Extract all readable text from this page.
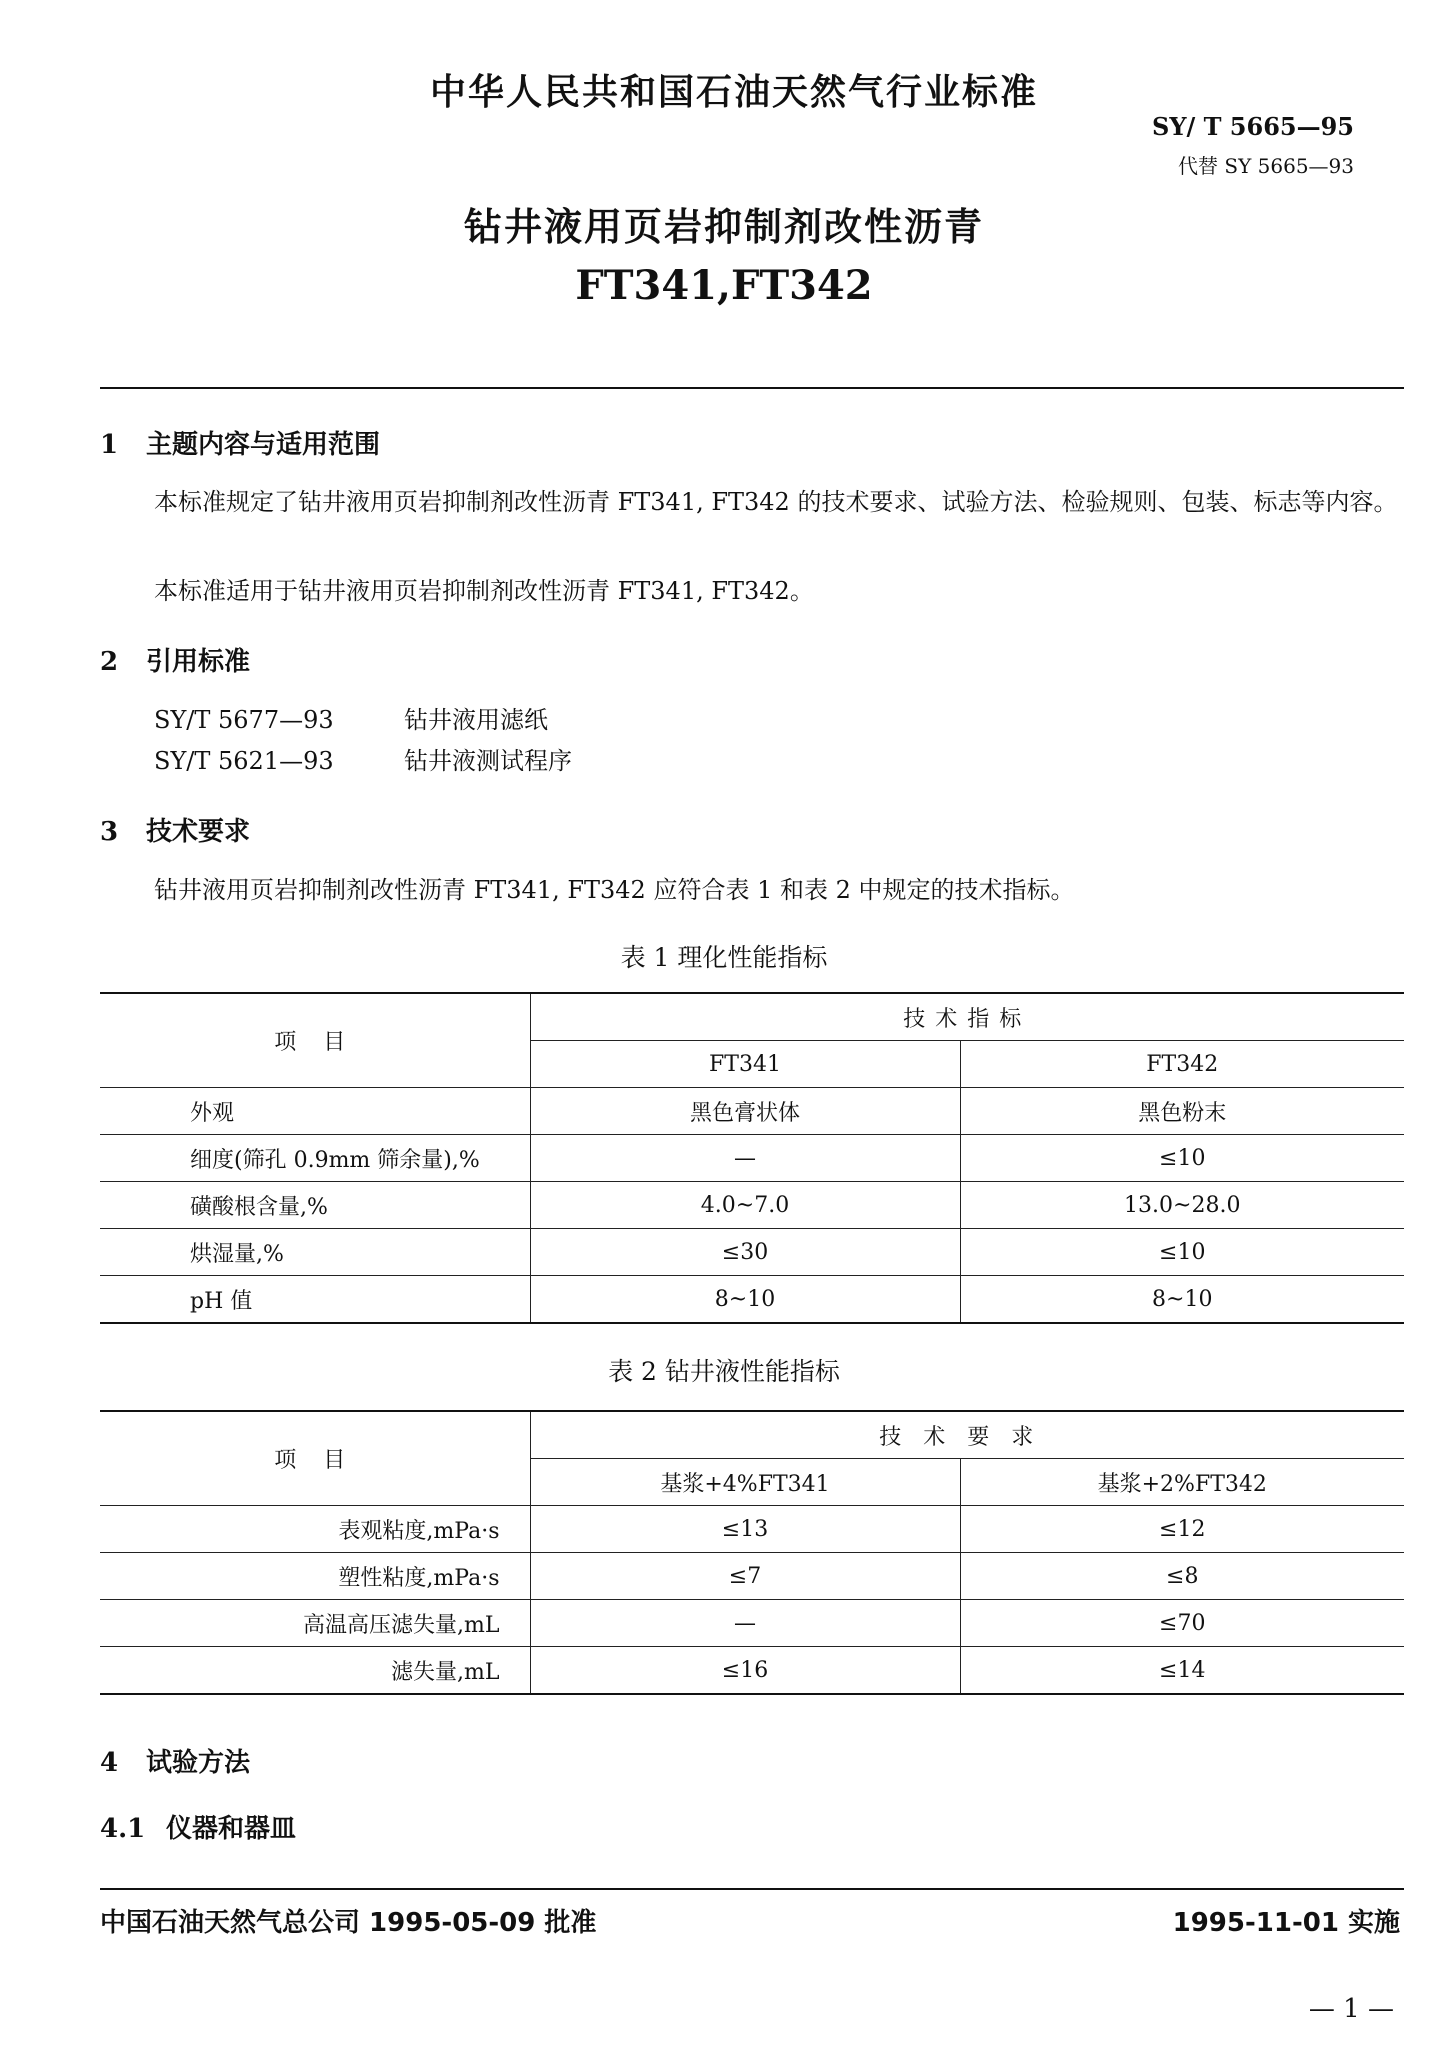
中华人民共和国石油天然气行业标准
SY/ T 5665—95
代替 SY 5665—93
钻井液用页岩抑制剂改性沥青
FT341,FT342
1 主题内容与适用范围
本标准规定了钻井液用页岩抑制剂改性沥青 FT341, FT342 的技术要求、试验方法、检验规则、包装、标志等内容。
本标准适用于钻井液用页岩抑制剂改性沥青 FT341, FT342。
2 引用标准
SY/T 5677—93	钻井液用滤纸
SY/T 5621—93	钻井液测试程序
3 技术要求
钻井液用页岩抑制剂改性沥青 FT341, FT342 应符合表 1 和表 2 中规定的技术指标。
表 1 理化性能指标
项 目	技术指标	
	FT341	FT342
外观	黑色膏状体	黑色粉末
细度(筛孔 0.9mm 筛余量),%	—	≤10
磺酸根含量,%	4.0~7.0	13.0~28.0
烘湿量,%	≤30	≤10
pH 值	8~10	8~10
表 2 钻井液性能指标
项 目	技术要求	
	基浆+4%FT341	基浆+2%FT342
表观粘度,mPa·s	≤13	≤12
塑性粘度,mPa·s	≤7	≤8
高温高压滤失量,mL	—	≤70
滤失量,mL	≤16	≤14
4 试验方法
4.1 仪器和器皿
中国石油天然气总公司 1995-05-09 批准	1995-11-01 实施
— 1 —
